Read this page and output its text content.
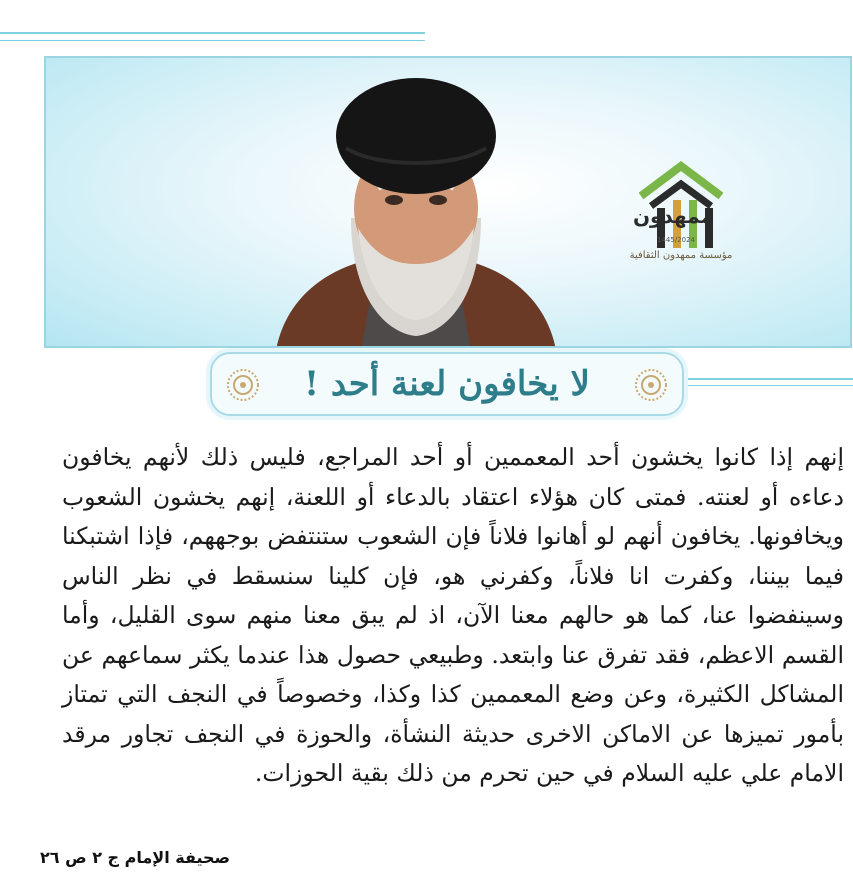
ممهدون
1445/2024
مؤسسة ممهدون الثقافية
لا يخافون لعنة أحد !
إنهم إذا كانوا يخشون أحد المعممين أو أحد المراجع، فليس ذلك لأنهم يخافون دعاءه أو لعنته. فمتى كان هؤلاء اعتقاد بالدعاء أو اللعنة، إنهم يخشون الشعوب ويخافونها. يخافون أنهم لو أهانوا فلاناً فإن الشعوب ستنتفض بوجههم، فإذا اشتبكنا فيما بيننا، وكفرت انا فلاناً، وكفرني هو، فإن كلينا سنسقط في نظر الناس وسينفضوا عنا، كما هو حالهم معنا الآن، اذ لم يبق معنا منهم سوى القليل، وأما القسم الاعظم، فقد تفرق عنا وابتعد. وطبيعي حصول هذا عندما يكثر سماعهم عن المشاكل الكثيرة، وعن وضع المعممين كذا وكذا، وخصوصاً في النجف التي تمتاز بأمور تميزها عن الاماكن الاخرى حديثة النشأة، والحوزة في النجف تجاور مرقد الامام علي عليه السلام في حين تحرم من ذلك بقية الحوزات.
صحيفة الإمام ج ٢ ص ٢٦
